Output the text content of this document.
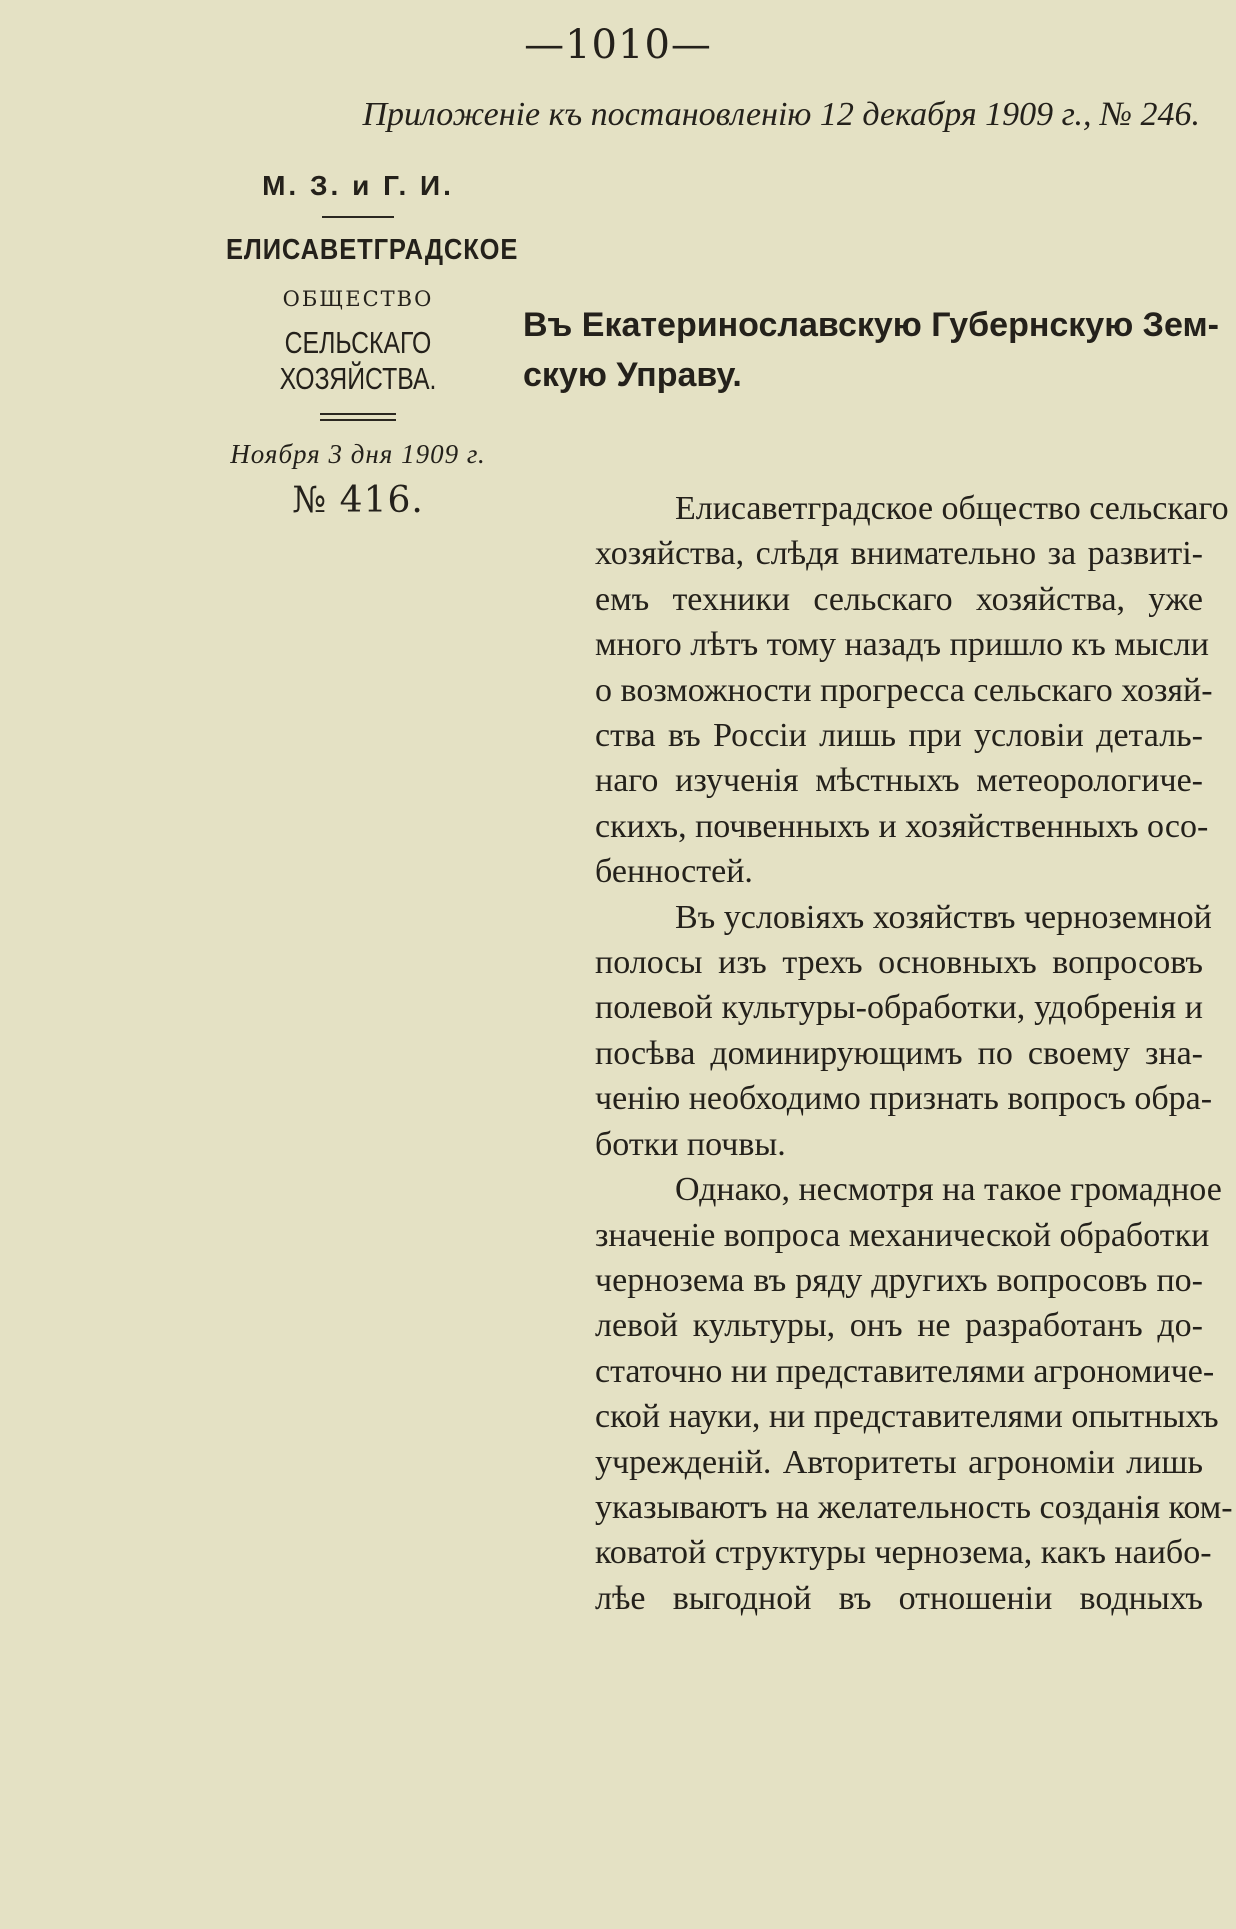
—1010—
Приложеніе къ постановленію 12 декабря 1909 г., № 246.
М. З. и Г. И.
ЕЛИСАВЕТГРАДСКОЕ
ОБЩЕСТВО
СЕЛЬСКАГО ХОЗЯЙСТВА.
Ноября 3 дня 1909 г.
№ 416.
Въ Екатеринославскую Губернскую Зем-
скую Управу.
Елисаветградское общество сельскаго
хозяйства, слѣдя внимательно за развитi-
емъ техники сельскаго хозяйства, уже
много лѣтъ тому назадъ пришло къ мысли
о возможности прогресса сельскаго хозяй-
ства въ Россiи лишь при условiи деталь-
наго изученiя мѣстныхъ метеорологиче-
скихъ, почвенныхъ и хозяйственныхъ осо-
бенностей.
Въ условiяхъ хозяйствъ черноземной
полосы изъ трехъ основныхъ вопросовъ
полевой культуры-обработки, удобренiя и
посѣва доминирующимъ по своему зна-
ченiю необходимо признать вопросъ обра-
ботки почвы.
Однако, несмотря на такое громадное
значенiе вопроса механической обработки
чернозема въ ряду другихъ вопросовъ по-
левой культуры, онъ не разработанъ до-
статочно ни представителями агрономиче-
ской науки, ни представителями опытныхъ
учрежденiй. Авторитеты агрономiи лишь
указываютъ на желательность созданiя ком-
коватой структуры чернозема, какъ наибо-
лѣе выгодной въ отношенiи водныхъ
